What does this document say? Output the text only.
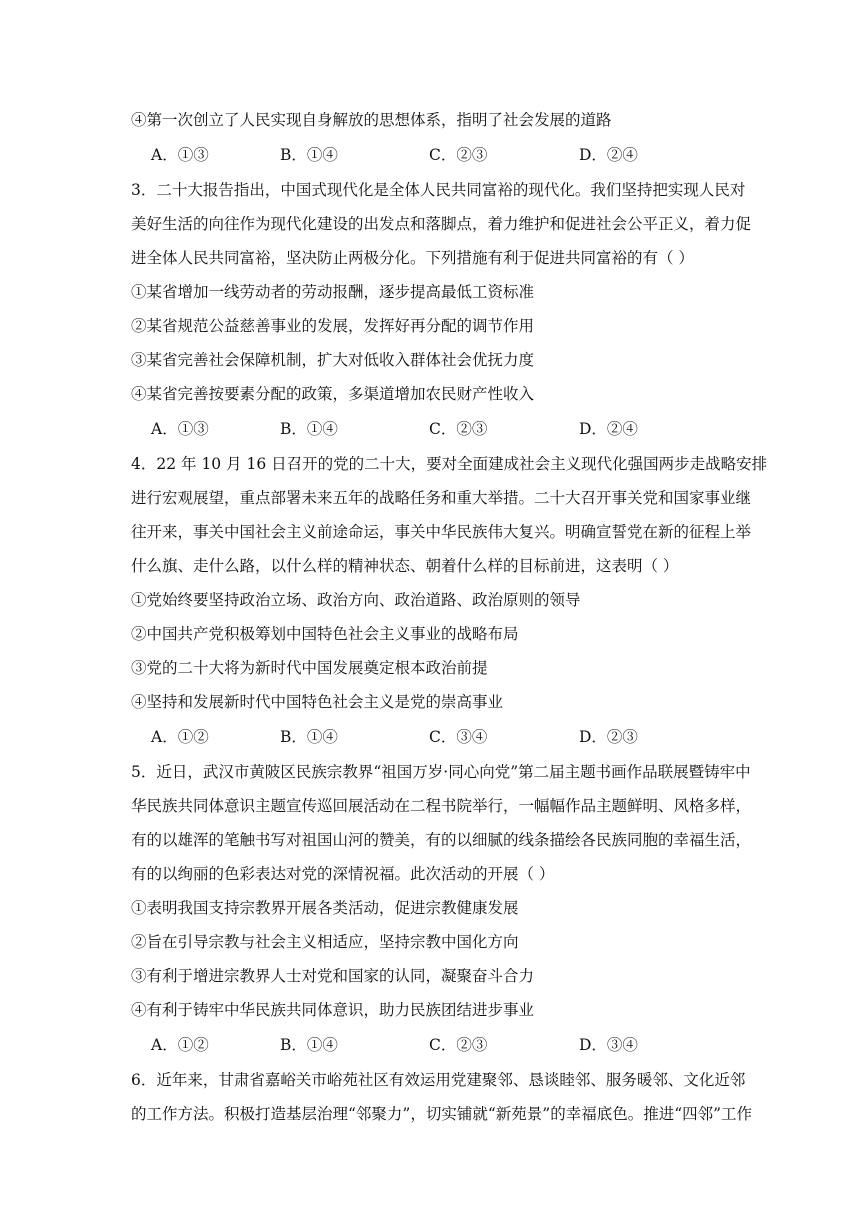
④第一次创立了人民实现自身解放的思想体系，指明了社会发展的道路
A．①③	B．①④	C．②③	D．②④
3．二十大报告指出，中国式现代化是全体人民共同富裕的现代化。我们坚持把实现人民对
美好生活的向往作为现代化建设的出发点和落脚点，着力维护和促进社会公平正义，着力促
进全体人民共同富裕，坚决防止两极分化。下列措施有利于促进共同富裕的有（ ）
①某省增加一线劳动者的劳动报酬，逐步提高最低工资标准
②某省规范公益慈善事业的发展，发挥好再分配的调节作用
③某省完善社会保障机制，扩大对低收入群体社会优抚力度
④某省完善按要素分配的政策，多渠道增加农民财产性收入
A．①③	B．①④	C．②③	D．②④
4．22 年 10 月 16 日召开的党的二十大，要对全面建成社会主义现代化强国两步走战略安排
进行宏观展望，重点部署未来五年的战略任务和重大举措。二十大召开事关党和国家事业继
往开来，事关中国社会主义前途命运，事关中华民族伟大复兴。明确宣誓党在新的征程上举
什么旗、走什么路，以什么样的精神状态、朝着什么样的目标前进，这表明（ ）
①党始终要坚持政治立场、政治方向、政治道路、政治原则的领导
②中国共产党积极筹划中国特色社会主义事业的战略布局
③党的二十大将为新时代中国发展奠定根本政治前提
④坚持和发展新时代中国特色社会主义是党的崇高事业
A．①②	B．①④	C．③④	D．②③
5．近日，武汉市黄陂区民族宗教界“祖国万岁·同心向党”第二届主题书画作品联展暨铸牢中
华民族共同体意识主题宣传巡回展活动在二程书院举行，一幅幅作品主题鲜明、风格多样，
有的以雄浑的笔触书写对祖国山河的赞美，有的以细腻的线条描绘各民族同胞的幸福生活，
有的以绚丽的色彩表达对党的深情祝福。此次活动的开展（ ）
①表明我国支持宗教界开展各类活动，促进宗教健康发展
②旨在引导宗教与社会主义相适应，坚持宗教中国化方向
③有利于增进宗教界人士对党和国家的认同，凝聚奋斗合力
④有利于铸牢中华民族共同体意识，助力民族团结进步事业
A．①②	B．①④	C．②③	D．③④
6．近年来，甘肃省嘉峪关市峪苑社区有效运用党建聚邻、恳谈睦邻、服务暖邻、文化近邻
的工作方法。积极打造基层治理“邻聚力”，切实铺就“新苑景”的幸福底色。推进“四邻”工作
